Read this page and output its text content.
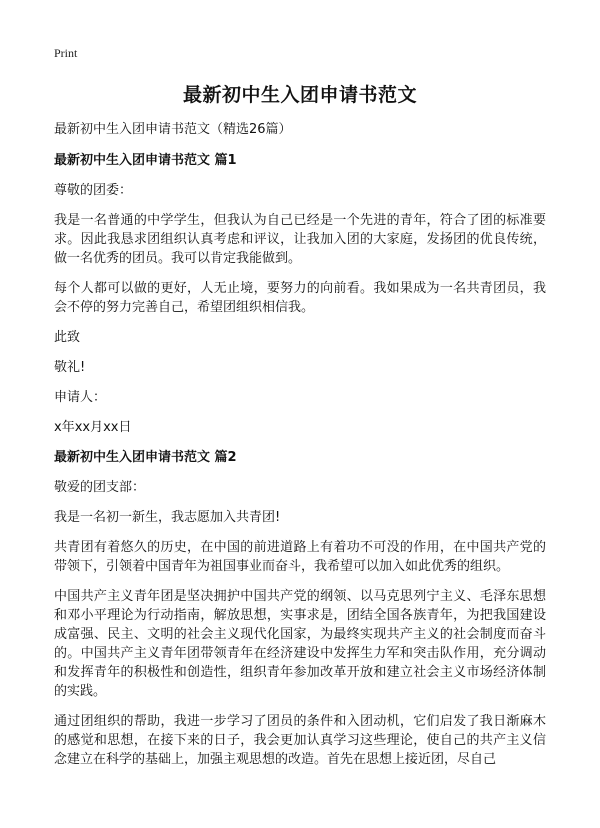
Print
最新初中生入团申请书范文

最新初中生入团申请书范文（精选26篇）

最新初中生入团申请书范文 篇1

尊敬的团委：

我是一名普通的中学学生，但我认为自己已经是一个先进的青年，符合了团的标准要求。因此我恳求团组织认真考虑和评议，让我加入团的大家庭，发扬团的优良传统，做一名优秀的团员。我可以肯定我能做到。

每个人都可以做的更好，人无止境，要努力的向前看。我如果成为一名共青团员，我会不停的努力完善自己，希望团组织相信我。

此致

敬礼!

申请人：

x年xx月xx日

最新初中生入团申请书范文 篇2

敬爱的团支部：

我是一名初一新生，我志愿加入共青团!

共青团有着悠久的历史，在中国的前进道路上有着功不可没的作用，在中国共产党的带领下，引领着中国青年为祖国事业而奋斗，我希望可以加入如此优秀的组织。

中国共产主义青年团是坚决拥护中国共产党的纲领、以马克思列宁主义、毛泽东思想和邓小平理论为行动指南，解放思想，实事求是，团结全国各族青年，为把我国建设成富强、民主、文明的社会主义现代化国家，为最终实现共产主义的社会制度而奋斗的。中国共产主义青年团带领青年在经济建设中发挥生力军和突击队作用，充分调动和发挥青年的积极性和创造性，组织青年参加改革开放和建立社会主义市场经济体制的实践。

通过团组织的帮助，我进一步学习了团员的条件和入团动机，它们启发了我日渐麻木的感觉和思想，在接下来的日子，我会更加认真学习这些理论，使自己的共产主义信念建立在科学的基础上，加强主观思想的改造。首先在思想上接近团，尽自己
